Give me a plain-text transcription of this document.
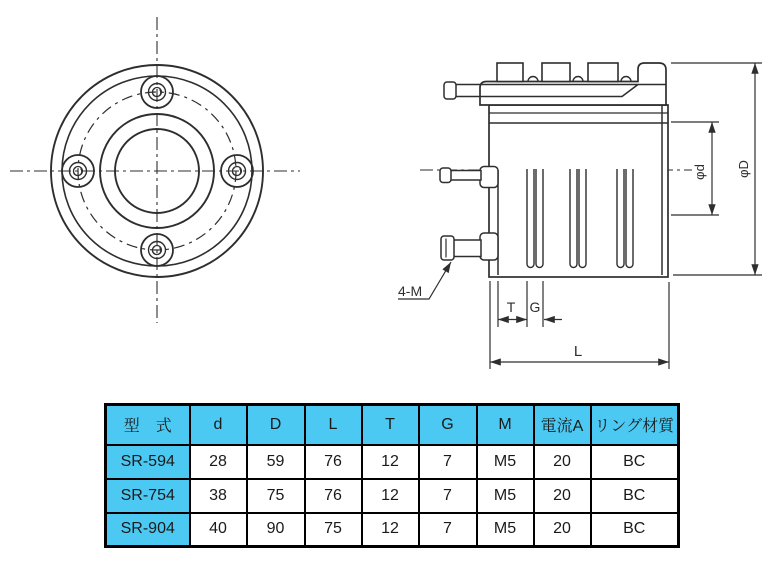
4-M
T G
L
φd φD
型　式	d	D	L	T	G	M	電流A	リング材質
SR-594	28	59	76	12	7	M5	20	BC
SR-754	38	75	76	12	7	M5	20	BC
SR-904	40	90	75	12	7	M5	20	BC
